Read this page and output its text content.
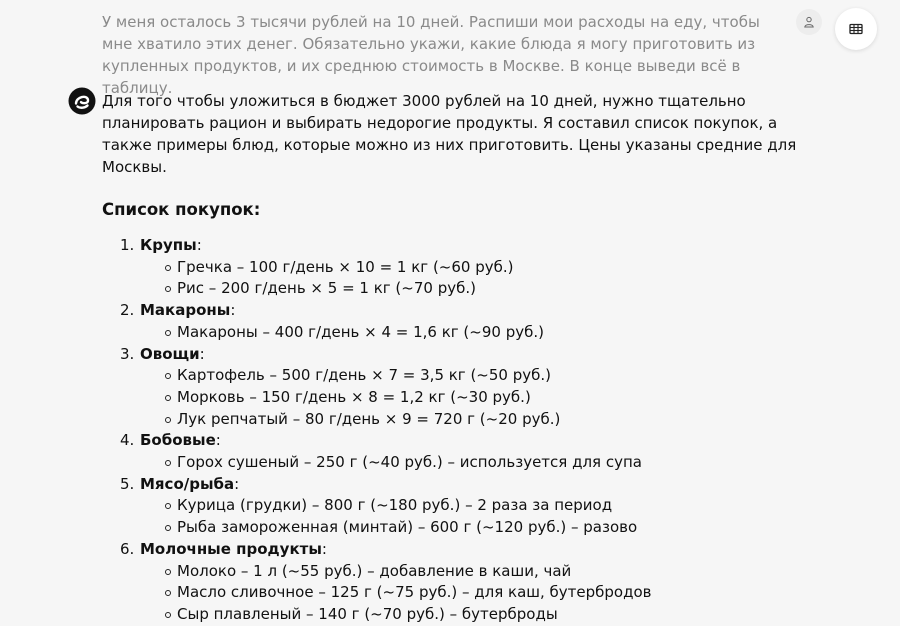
У меня осталось 3 тысячи рублей на 10 дней. Распиши мои расходы на еду, чтобы мне хватило этих денег. Обязательно укажи, какие блюда я могу приготовить из купленных продуктов, и их среднюю стоимость в Москве. В конце выведи всё в таблицу.

Для того чтобы уложиться в бюджет 3000 рублей на 10 дней, нужно тщательно планировать рацион и выбирать недорогие продукты. Я составил список покупок, а также примеры блюд, которые можно из них приготовить. Цены указаны средние для Москвы.

Список покупок:
1. Крупы:
Гречка – 100 г/день × 10 = 1 кг (~60 руб.)
Рис – 200 г/день × 5 = 1 кг (~70 руб.)
2. Макароны:
Макароны – 400 г/день × 4 = 1,6 кг (~90 руб.)
3. Овощи:
Картофель – 500 г/день × 7 = 3,5 кг (~50 руб.)
Морковь – 150 г/день × 8 = 1,2 кг (~30 руб.)
Лук репчатый – 80 г/день × 9 = 720 г (~20 руб.)
4. Бобовые:
Горох сушеный – 250 г (~40 руб.) – используется для супа
5. Мясо/рыба:
Курица (грудки) – 800 г (~180 руб.) – 2 раза за период
Рыба замороженная (минтай) – 600 г (~120 руб.) – разово
6. Молочные продукты:
Молоко – 1 л (~55 руб.) – добавление в каши, чай
Масло сливочное – 125 г (~75 руб.) – для каш, бутербродов
Сыр плавленый – 140 г (~70 руб.) – бутерброды
